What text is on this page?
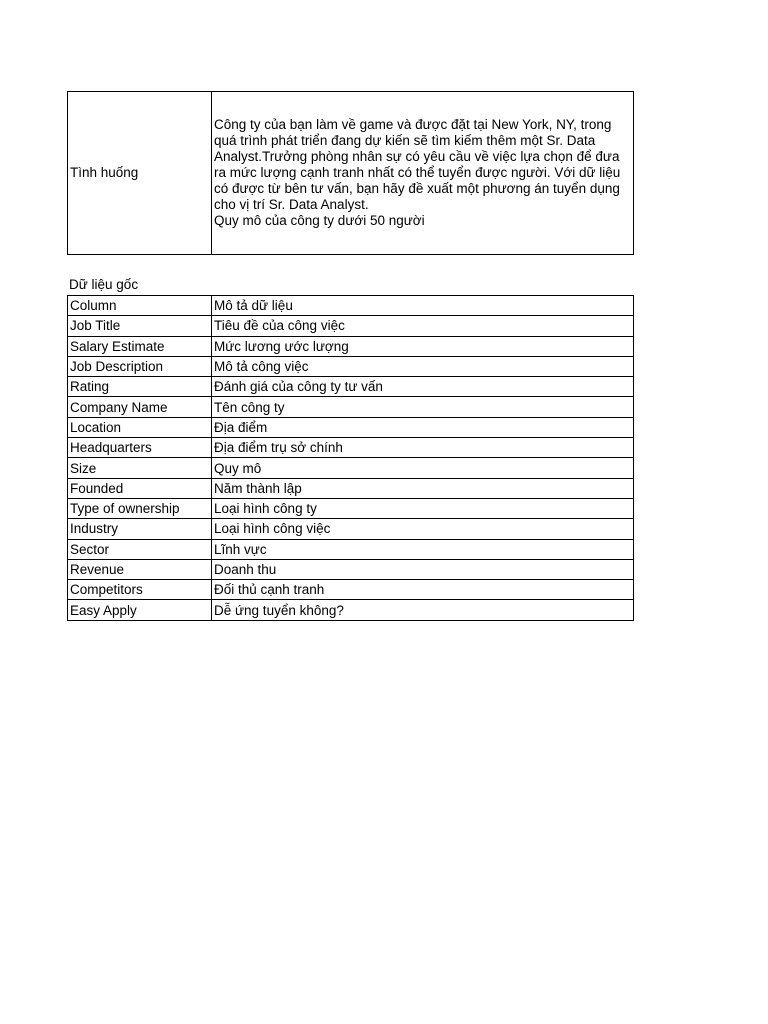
Tình huống	
Công ty của bạn làm về game và được đặt tại New York, NY, trong
quá trình phát triển đang dự kiến sẽ tìm kiếm thêm một Sr. Data
Analyst.Trưởng phòng nhân sự có yêu cầu về việc lựa chọn để đưa
ra mức lượng cạnh tranh nhất có thể tuyển được người. Với dữ liệu
có được từ bên tư vấn, bạn hãy đề xuất một phương án tuyển dụng
cho vị trí Sr. Data Analyst.
Quy mô của công ty dưới 50 người

Dữ liệu gốc

Column	Mô tả dữ liệu
Job Title	Tiêu đề của công việc
Salary Estimate	Mức lương ước lượng
Job Description	Mô tả công việc
Rating	Đánh giá của công ty tư vấn
Company Name	Tên công ty
Location	Địa điểm
Headquarters	Địa điểm trụ sở chính
Size	Quy mô
Founded	Năm thành lập
Type of ownership	Loại hình công ty
Industry	Loại hình công việc
Sector	Lĩnh vực
Revenue	Doanh thu
Competitors	Đối thủ cạnh tranh
Easy Apply	Dễ ứng tuyển không?
